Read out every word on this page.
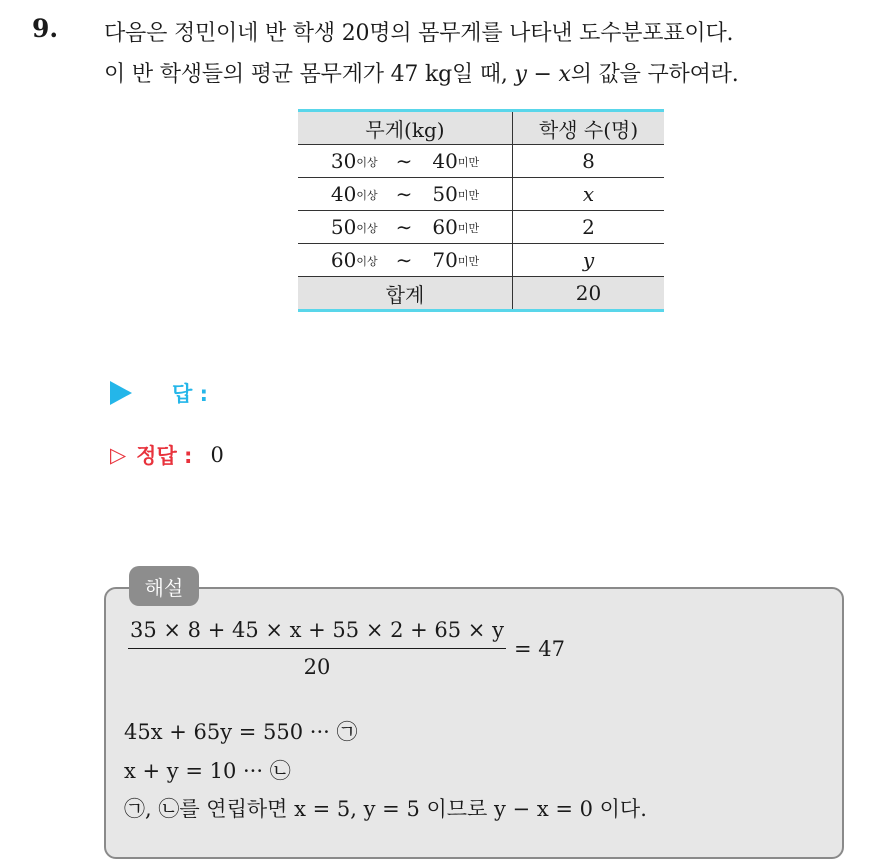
9. 다음은 정민이네 반 학생 20명의 몸무게를 나타낸 도수분포표이다.
이 반 학생들의 평균 몸무게가 47 kg일 때, y − x의 값을 구하여라.
무게(kg)	학생 수(명)

$30^{이상}$ ∼ $40^{미만}$	8

$40^{이상}$ ∼ $50^{미만}$	x

$50^{이상}$ ∼ $60^{미만}$	2

$60^{이상}$ ∼ $70^{미만}$	y
합계	20
답 :
▷ 정답 : 0
해설
$\frac{35 \times 8 + 45 \times x + 55 \times 2 + 65 \times y}{20} = 47$
45x + 65y = 550 ··· ㉠
x + y = 10 ··· ㉡
㉠, ㉡를 연립하면 x = 5, y = 5 이므로 y − x = 0 이다.
